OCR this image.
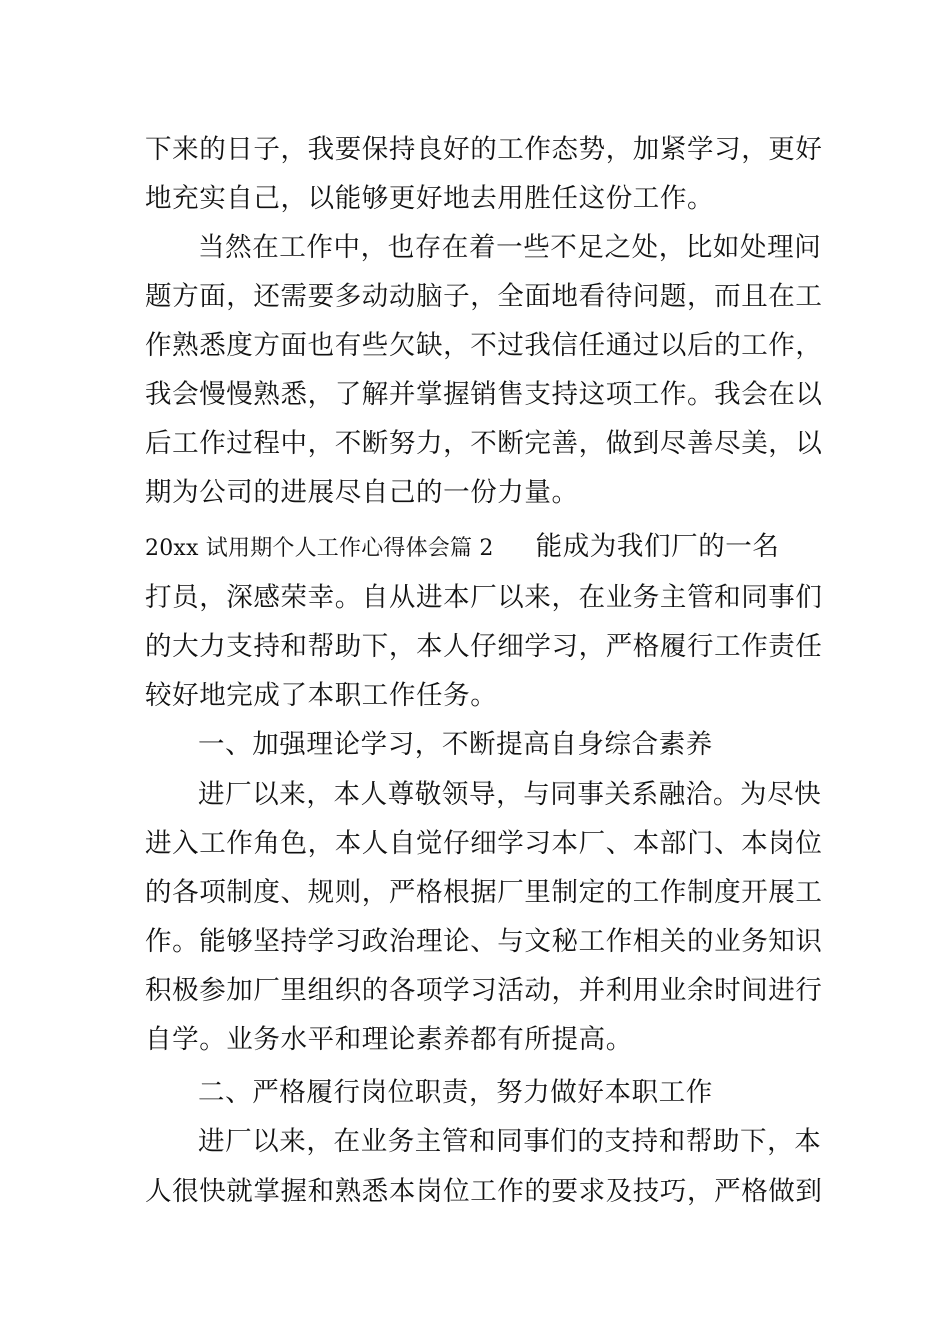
下来的日子，我要保持良好的工作态势，加紧学习，更好
地充实自己，以能够更好地去用胜任这份工作。
当然在工作中，也存在着一些不足之处，比如处理问
题方面，还需要多动动脑子，全面地看待问题，而且在工
作熟悉度方面也有些欠缺，不过我信任通过以后的工作，
我会慢慢熟悉，了解并掌握销售支持这项工作。我会在以
后工作过程中，不断努力，不断完善，做到尽善尽美，以
期为公司的进展尽自己的一份力量。
20xx 试用期个人工作心得体会篇 2 能成为我们厂的一名
打员，深感荣幸。自从进本厂以来，在业务主管和同事们
的大力支持和帮助下，本人仔细学习，严格履行工作责任
较好地完成了本职工作任务。
一、加强理论学习，不断提高自身综合素养
进厂以来，本人尊敬领导，与同事关系融洽。为尽快
进入工作角色，本人自觉仔细学习本厂、本部门、本岗位
的各项制度、规则，严格根据厂里制定的工作制度开展工
作。能够坚持学习政治理论、与文秘工作相关的业务知识
积极参加厂里组织的各项学习活动，并利用业余时间进行
自学。业务水平和理论素养都有所提高。
二、严格履行岗位职责，努力做好本职工作
进厂以来，在业务主管和同事们的支持和帮助下，本
人很快就掌握和熟悉本岗位工作的要求及技巧，严格做到
